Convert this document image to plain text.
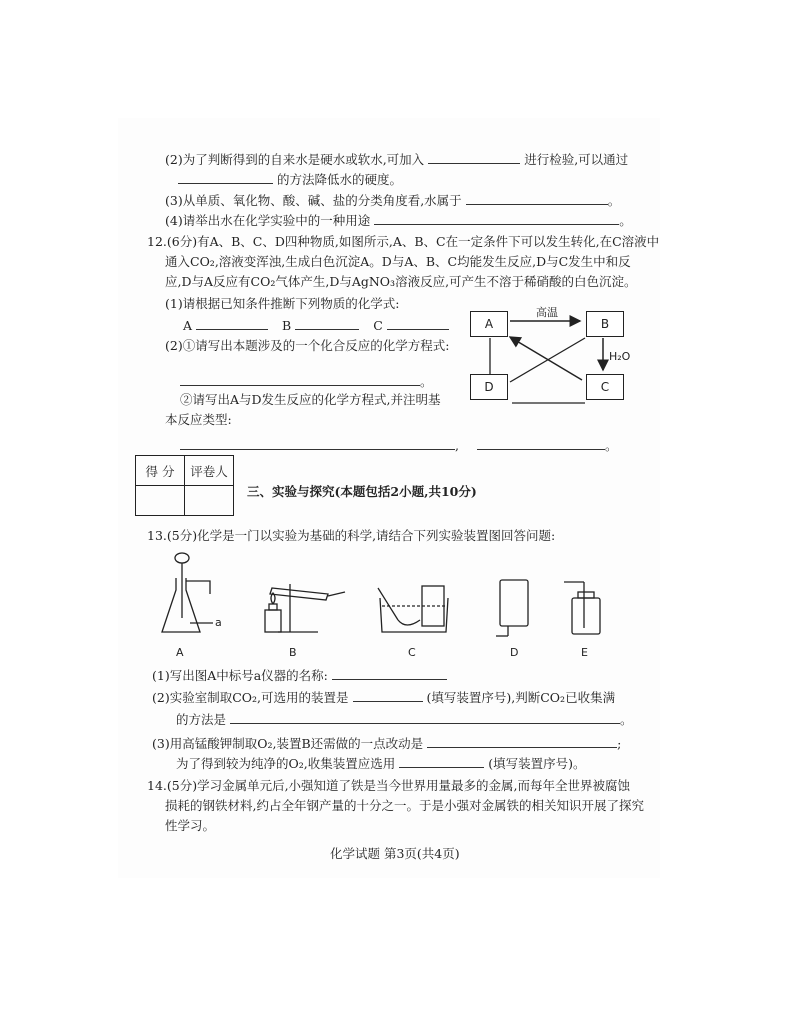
(2)为了判断得到的自来水是硬水或软水,可加入	进行检验,可以通过
的方法降低水的硬度。
(3)从单质、氧化物、酸、碱、盐的分类角度看,水属于	。
(4)请举出水在化学实验中的一种用途	。
12.(6分)有A、B、C、D四种物质,如图所示,A、B、C在一定条件下可以发生转化,在C溶液中
通入CO₂,溶液变浑浊,生成白色沉淀A。D与A、B、C均能发生反应,D与C发生中和反
应,D与A反应有CO₂气体产生,D与AgNO₃溶液反应,可产生不溶于稀硝酸的白色沉淀。
(1)请根据已知条件推断下列物质的化学式:
A	B	C
(2)①请写出本题涉及的一个化合反应的化学方程式:
。
②请写出A与D发生反应的化学方程式,并注明基
本反应类型:
,	。
A	B
D	C
高温
H₂O
得 分	评卷人

三、实验与探究(本题包括2小题,共10分)
13.(5分)化学是一门以实验为基础的科学,请结合下列实验装置图回答问题:
a
A	B	C	D	E
(1)写出图A中标号a仪器的名称:
(2)实验室制取CO₂,可选用的装置是	(填写装置序号),判断CO₂已收集满
的方法是	。
(3)用高锰酸钾制取O₂,装置B还需做的一点改动是	;
为了得到较为纯净的O₂,收集装置应选用	(填写装置序号)。
14.(5分)学习金属单元后,小强知道了铁是当今世界用量最多的金属,而每年全世界被腐蚀
损耗的钢铁材料,约占全年钢产量的十分之一。于是小强对金属铁的相关知识开展了探究
性学习。
化学试题 第3页(共4页)
